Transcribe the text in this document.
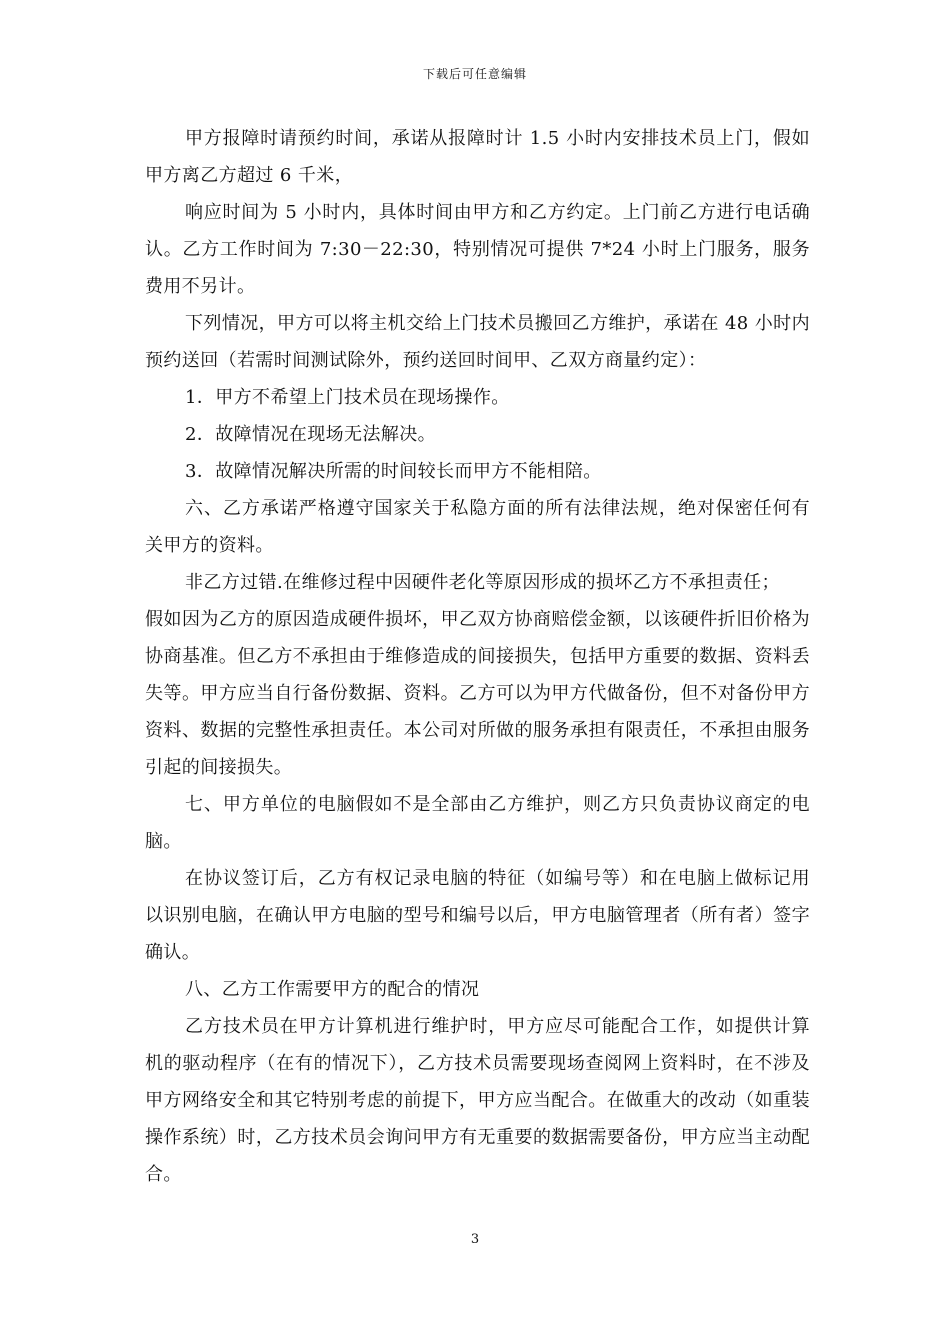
下载后可任意编辑

甲方报障时请预约时间，承诺从报障时计 1.5 小时内安排技术员上门，假如甲方离乙方超过 6 千米，

响应时间为 5 小时内，具体时间由甲方和乙方约定。上门前乙方进行电话确认。乙方工作时间为 7:30－22:30，特别情况可提供 7*24 小时上门服务，服务费用不另计。

下列情况，甲方可以将主机交给上门技术员搬回乙方维护，承诺在 48 小时内预约送回（若需时间测试除外，预约送回时间甲、乙双方商量约定）：

1．甲方不希望上门技术员在现场操作。

2．故障情况在现场无法解决。

3．故障情况解决所需的时间较长而甲方不能相陪。

六、乙方承诺严格遵守国家关于私隐方面的所有法律法规，绝对保密任何有关甲方的资料。

非乙方过错.在维修过程中因硬件老化等原因形成的损坏乙方不承担责任；

假如因为乙方的原因造成硬件损坏，甲乙双方协商赔偿金额，以该硬件折旧价格为协商基准。但乙方不承担由于维修造成的间接损失，包括甲方重要的数据、资料丢失等。甲方应当自行备份数据、资料。乙方可以为甲方代做备份，但不对备份甲方资料、数据的完整性承担责任。本公司对所做的服务承担有限责任，不承担由服务引起的间接损失。

七、甲方单位的电脑假如不是全部由乙方维护，则乙方只负责协议商定的电脑。

在协议签订后，乙方有权记录电脑的特征（如编号等）和在电脑上做标记用以识别电脑，在确认甲方电脑的型号和编号以后，甲方电脑管理者（所有者）签字确认。

八、乙方工作需要甲方的配合的情况

乙方技术员在甲方计算机进行维护时，甲方应尽可能配合工作，如提供计算机的驱动程序（在有的情况下），乙方技术员需要现场查阅网上资料时，在不涉及甲方网络安全和其它特别考虑的前提下，甲方应当配合。在做重大的改动（如重装操作系统）时，乙方技术员会询问甲方有无重要的数据需要备份，甲方应当主动配合。

3
